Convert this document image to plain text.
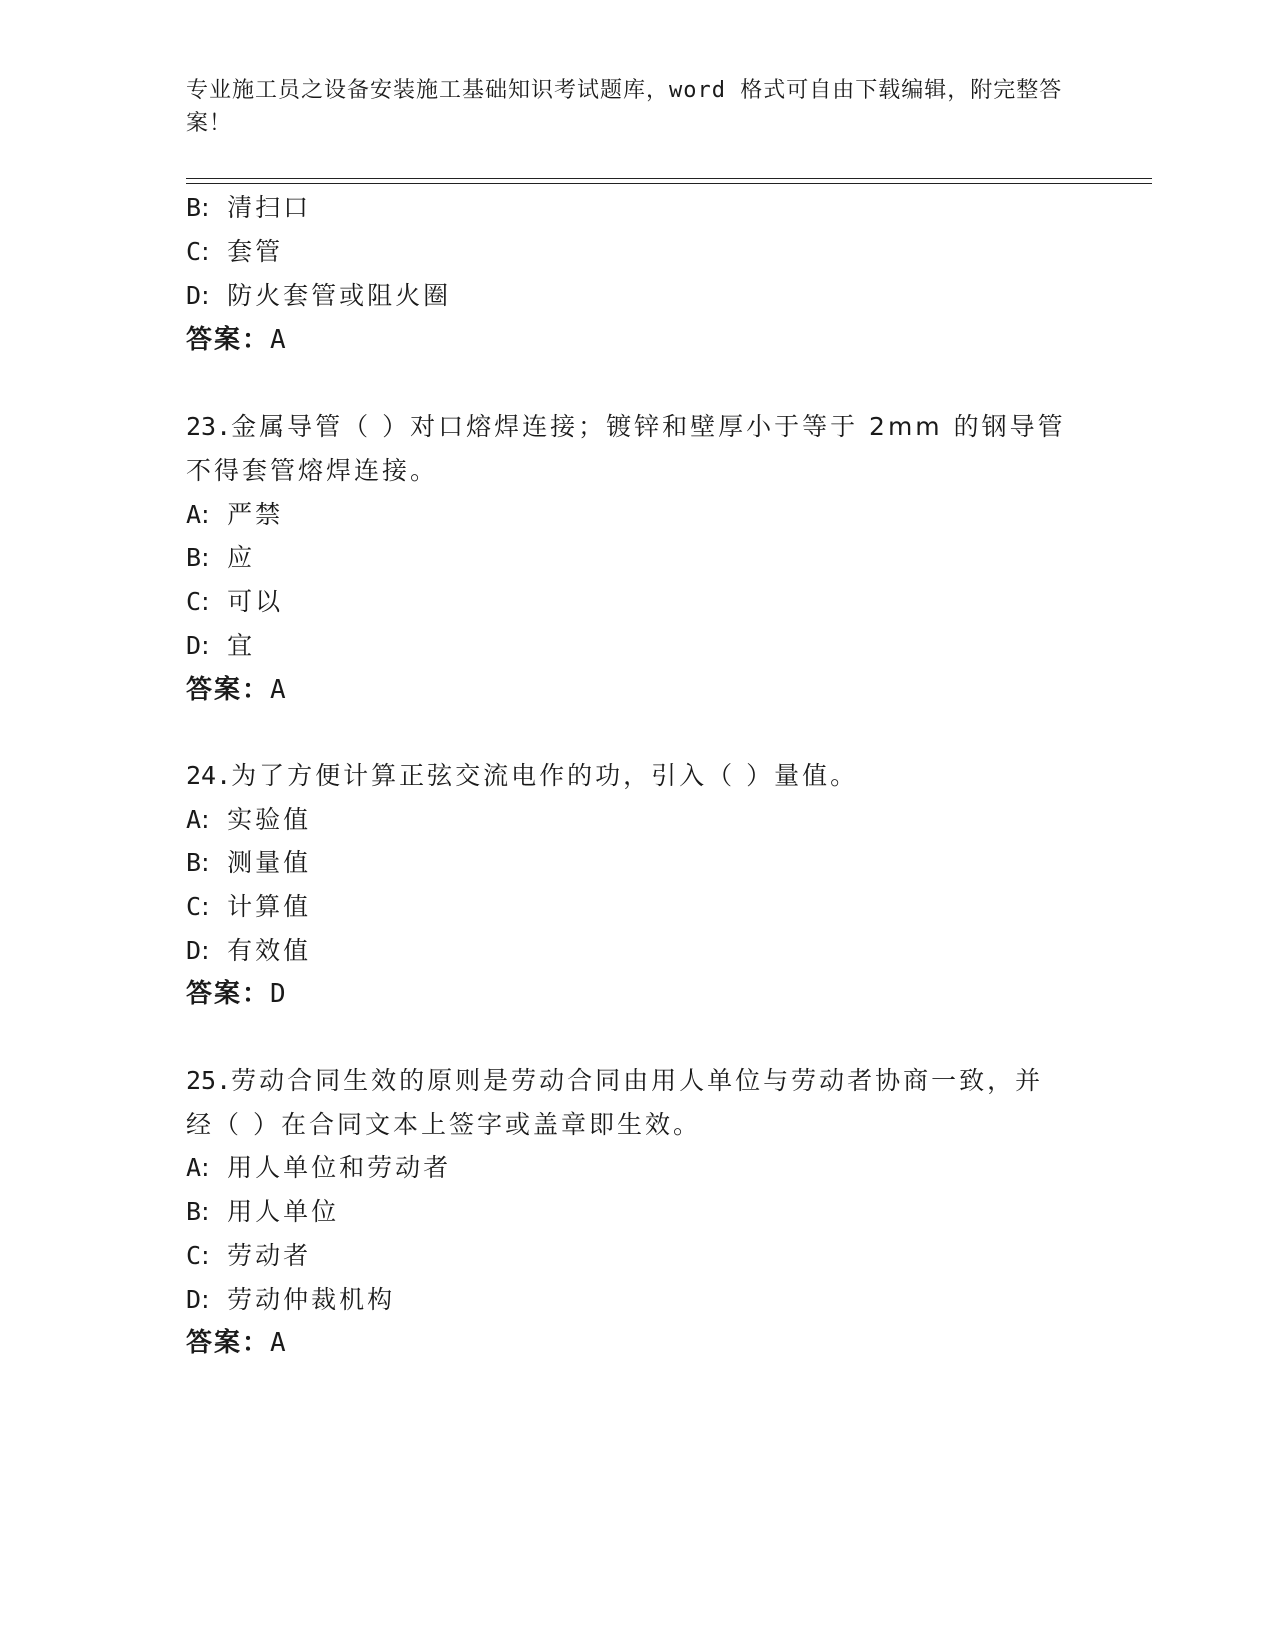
专业施工员之设备安装施工基础知识考试题库，word 格式可自由下载编辑，附完整答案！
B: 清扫口
C: 套管
D: 防火套管或阻火圈
答案：A
23.金属导管（ ）对口熔焊连接；镀锌和壁厚小于等于 2mm 的钢导管
不得套管熔焊连接。
A: 严禁
B: 应
C: 可以
D: 宜
答案：A
24.为了方便计算正弦交流电作的功，引入（ ）量值。
A: 实验值
B: 测量值
C: 计算值
D: 有效值
答案：D
25.劳动合同生效的原则是劳动合同由用人单位与劳动者协商一致，并
经（ ）在合同文本上签字或盖章即生效。
A: 用人单位和劳动者
B: 用人单位
C: 劳动者
D: 劳动仲裁机构
答案：A
